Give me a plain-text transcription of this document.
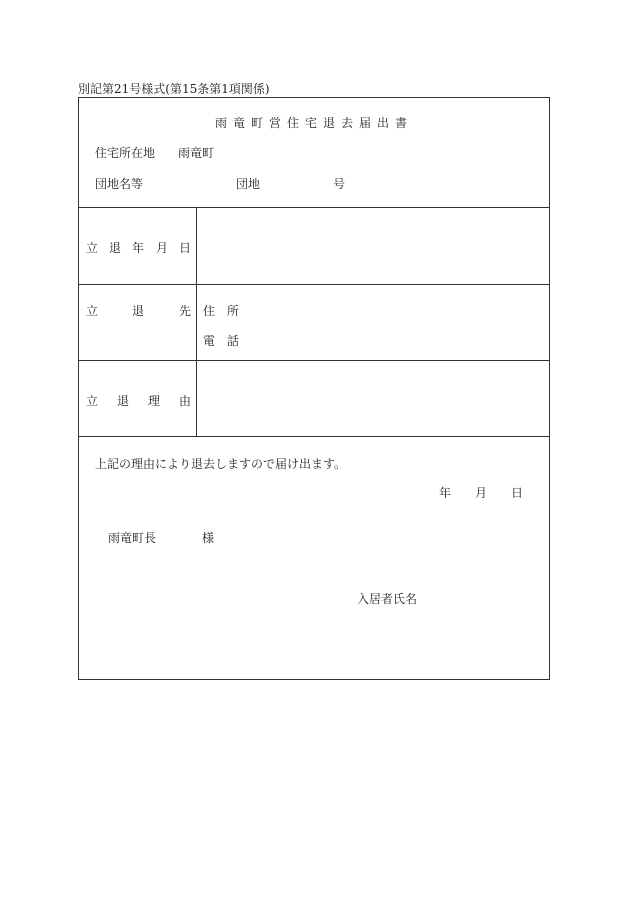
別記第21号様式(第15条第1項関係)
雨竜町営住宅退去届出書
住宅所在地 雨竜町
団地名等	団地	号
立 退 年 月 日
立	退	先 住　所
電　話
立 退 理 由
上記の理由により退去しますので届け出ます。
年 月 日
雨竜町長	様
入居者氏名
